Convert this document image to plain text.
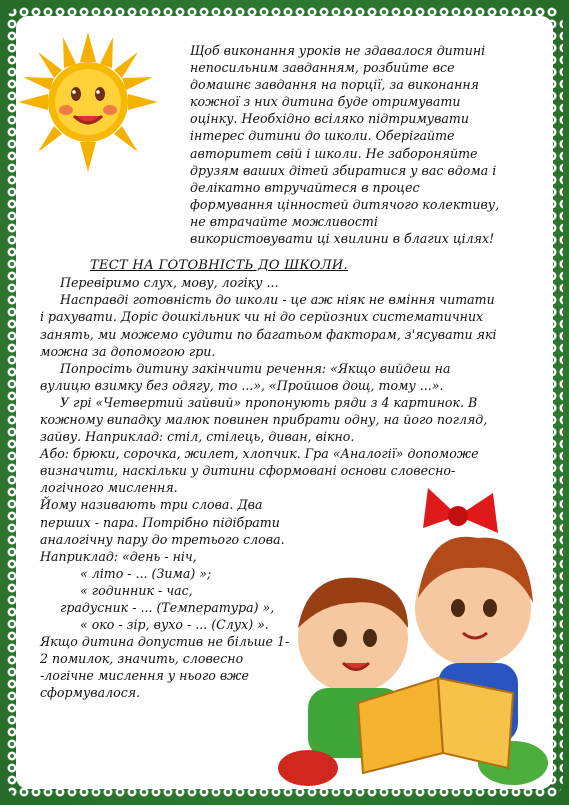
Щоб виконання уроків не здавалося дитині непосильним завданням, розбийте все домашнє завдання на порції, за виконання кожної з них дитина буде отримувати оцінку. Необхідно всіляко підтримувати інтерес дитини до школи. Оберігайте авторитет свій і школи. Не забороняйте друзям ваших дітей збиратися у вас вдома і делікатно втручайтеся в процес формування цінностей дитячого колективу, не втрачайте можливості використовувати ці хвилини в благих цілях!

ТЕСТ НА ГОТОВНІСТЬ ДО ШКОЛИ.

Перевіримо слух, мову, логіку ...

Насправді готовність до школи - це аж ніяк не вміння читати і рахувати. Доріс дошкільник чи ні до серйозних систематичних занять, ми можемо судити по багатьом факторам, з'ясувати які можна за допомогою гри.

Попросіть дитину закінчити речення: «Якщо вийдеш на вулицю взимку без одягу, то ...», «Пройшов дощ, тому ...».

У грі «Четвертий зайвий» пропонують ряди з 4 картинок. В кожному випадку малюк повинен прибрати одну, на його погляд, зайву. Наприклад: стіл, стілець, диван, вікно.

Або: брюки, сорочка, жилет, хлопчик. Гра «Аналогії» допоможе визначити, наскільки у дитини сформовані основи словесно-логічного мислення.

Йому називають три слова. Два перших - пара. Потрібно підібрати аналогічну пару до третього слова.

Наприклад: «день - ніч,

« літо - ... (Зима) »;

« годинник - час,

градусник - ... (Температура) »,

« око - зір, вухо - ... (Слух) ».

Якщо дитина допустив не більше 1-2 помилок, значить, словесно -логічне мислення у нього вже сформувалося.
